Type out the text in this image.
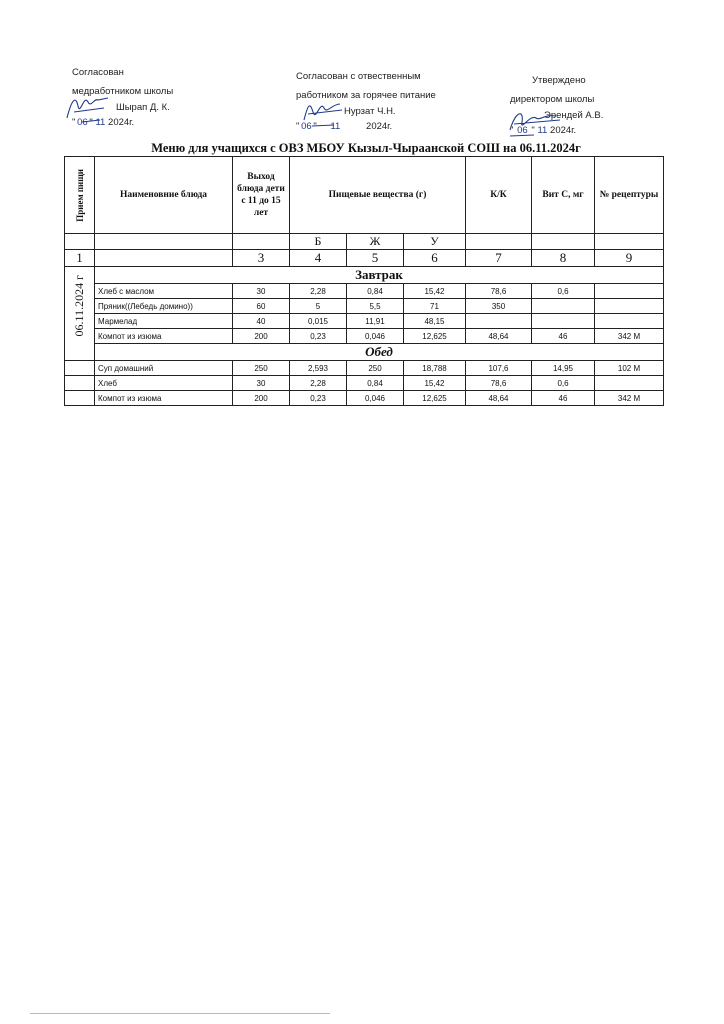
Согласован
медработником школы
Шырап Д. К.
" 06 " 11 2024г.
Согласован с отвественным
работником за горячее питание
Нурзат Ч.Н.
" 06 " 11	2024г.
Утверждено
директором школы
Эрендей А.В.
" 06 " 11 2024г.
Меню для учащихся с ОВЗ МБОУ Кызыл-Чыраанской СОШ на 06.11.2024г
Прием пищи	Наименовние блюда	Выход блюда дети с 11 до 15 лет	Пищевые вещества (г)			К/К	Вит С, мг	№ рецептуры
			Б	Ж	У			
1		3	4	5	6	7	8	9

06.11.2024 г	Завтрак							
	Хлеб с маслом	30	2,28	0,84	15,42	78,6	0,6	
	Пряник((Лебедь домино))	60	5	5,5	71	350		
	Мармелад	40	0,015	11,91	48,15			
	Компот из изюма	200	0,23	0,046	12,625	48,64	46	342 М
	Обед							
	Суп домашний	250	2,593	250	18,788	107,6	14,95	102 М
	Хлеб	30	2,28	0,84	15,42	78,6	0,6	
	Компот из изюма	200	0,23	0,046	12,625	48,64	46	342 М
